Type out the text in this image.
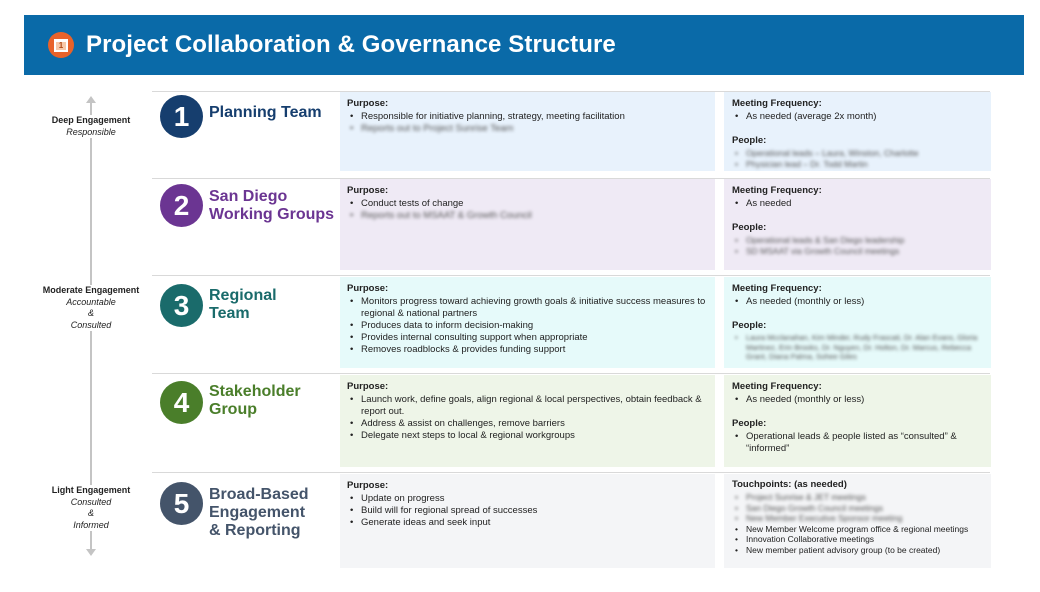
1 Project Collaboration & Governance Structure
Deep Engagement
Responsible
Moderate Engagement
Accountable
&
Consulted
Light Engagement
Consulted
&
Informed
1	Planning Team
Purpose:
• Responsible for initiative planning, strategy, meeting facilitation
• Reports out to Project Sunrise Team
Meeting Frequency:
• As needed (average 2x month)
People:
• Operational leads – Laura, Winston, Charlotte
• Physician lead – Dr. Todd Martin
2	San Diego
Working Groups
Purpose:
• Conduct tests of change
• Reports out to MSAAT & Growth Council
Meeting Frequency:
• As needed
People:
• Operational leads & San Diego leadership
• SD MSAAT via Growth Council meetings
3	Regional
Team
Purpose:
• Monitors progress toward achieving growth goals & initiative success measures to regional & national partners
• Produces data to inform decision-making
• Provides internal consulting support when appropriate
• Removes roadblocks & provides funding support
Meeting Frequency:
• As needed (monthly or less)
People:
• Laura Mcclanahan, Kim Minder, Rudy Frascati, Dr. Alan Evans, Gloria Martinez, Erin Brooks, Dr. Nguyen, Dr. Holton, Dr. Marcus, Rebecca Grant, Diana Palma, Sohee Giles
4	Stakeholder
Group
Purpose:
• Launch work, define goals, align regional & local perspectives, obtain feedback & report out.
• Address & assist on challenges, remove barriers
• Delegate next steps to local & regional workgroups
Meeting Frequency:
• As needed (monthly or less)
People:
• Operational leads & people listed as “consulted” & “informed”
5	Broad-Based
Engagement
& Reporting
Purpose:
• Update on progress
• Build will for regional spread of successes
• Generate ideas and seek input
Touchpoints: (as needed)
• Project Sunrise & JET meetings
• San Diego Growth Council meetings
• New Member Executive Sponsor meeting
• New Member Welcome program office & regional meetings
• Innovation Collaborative meetings
• New member patient advisory group (to be created)
